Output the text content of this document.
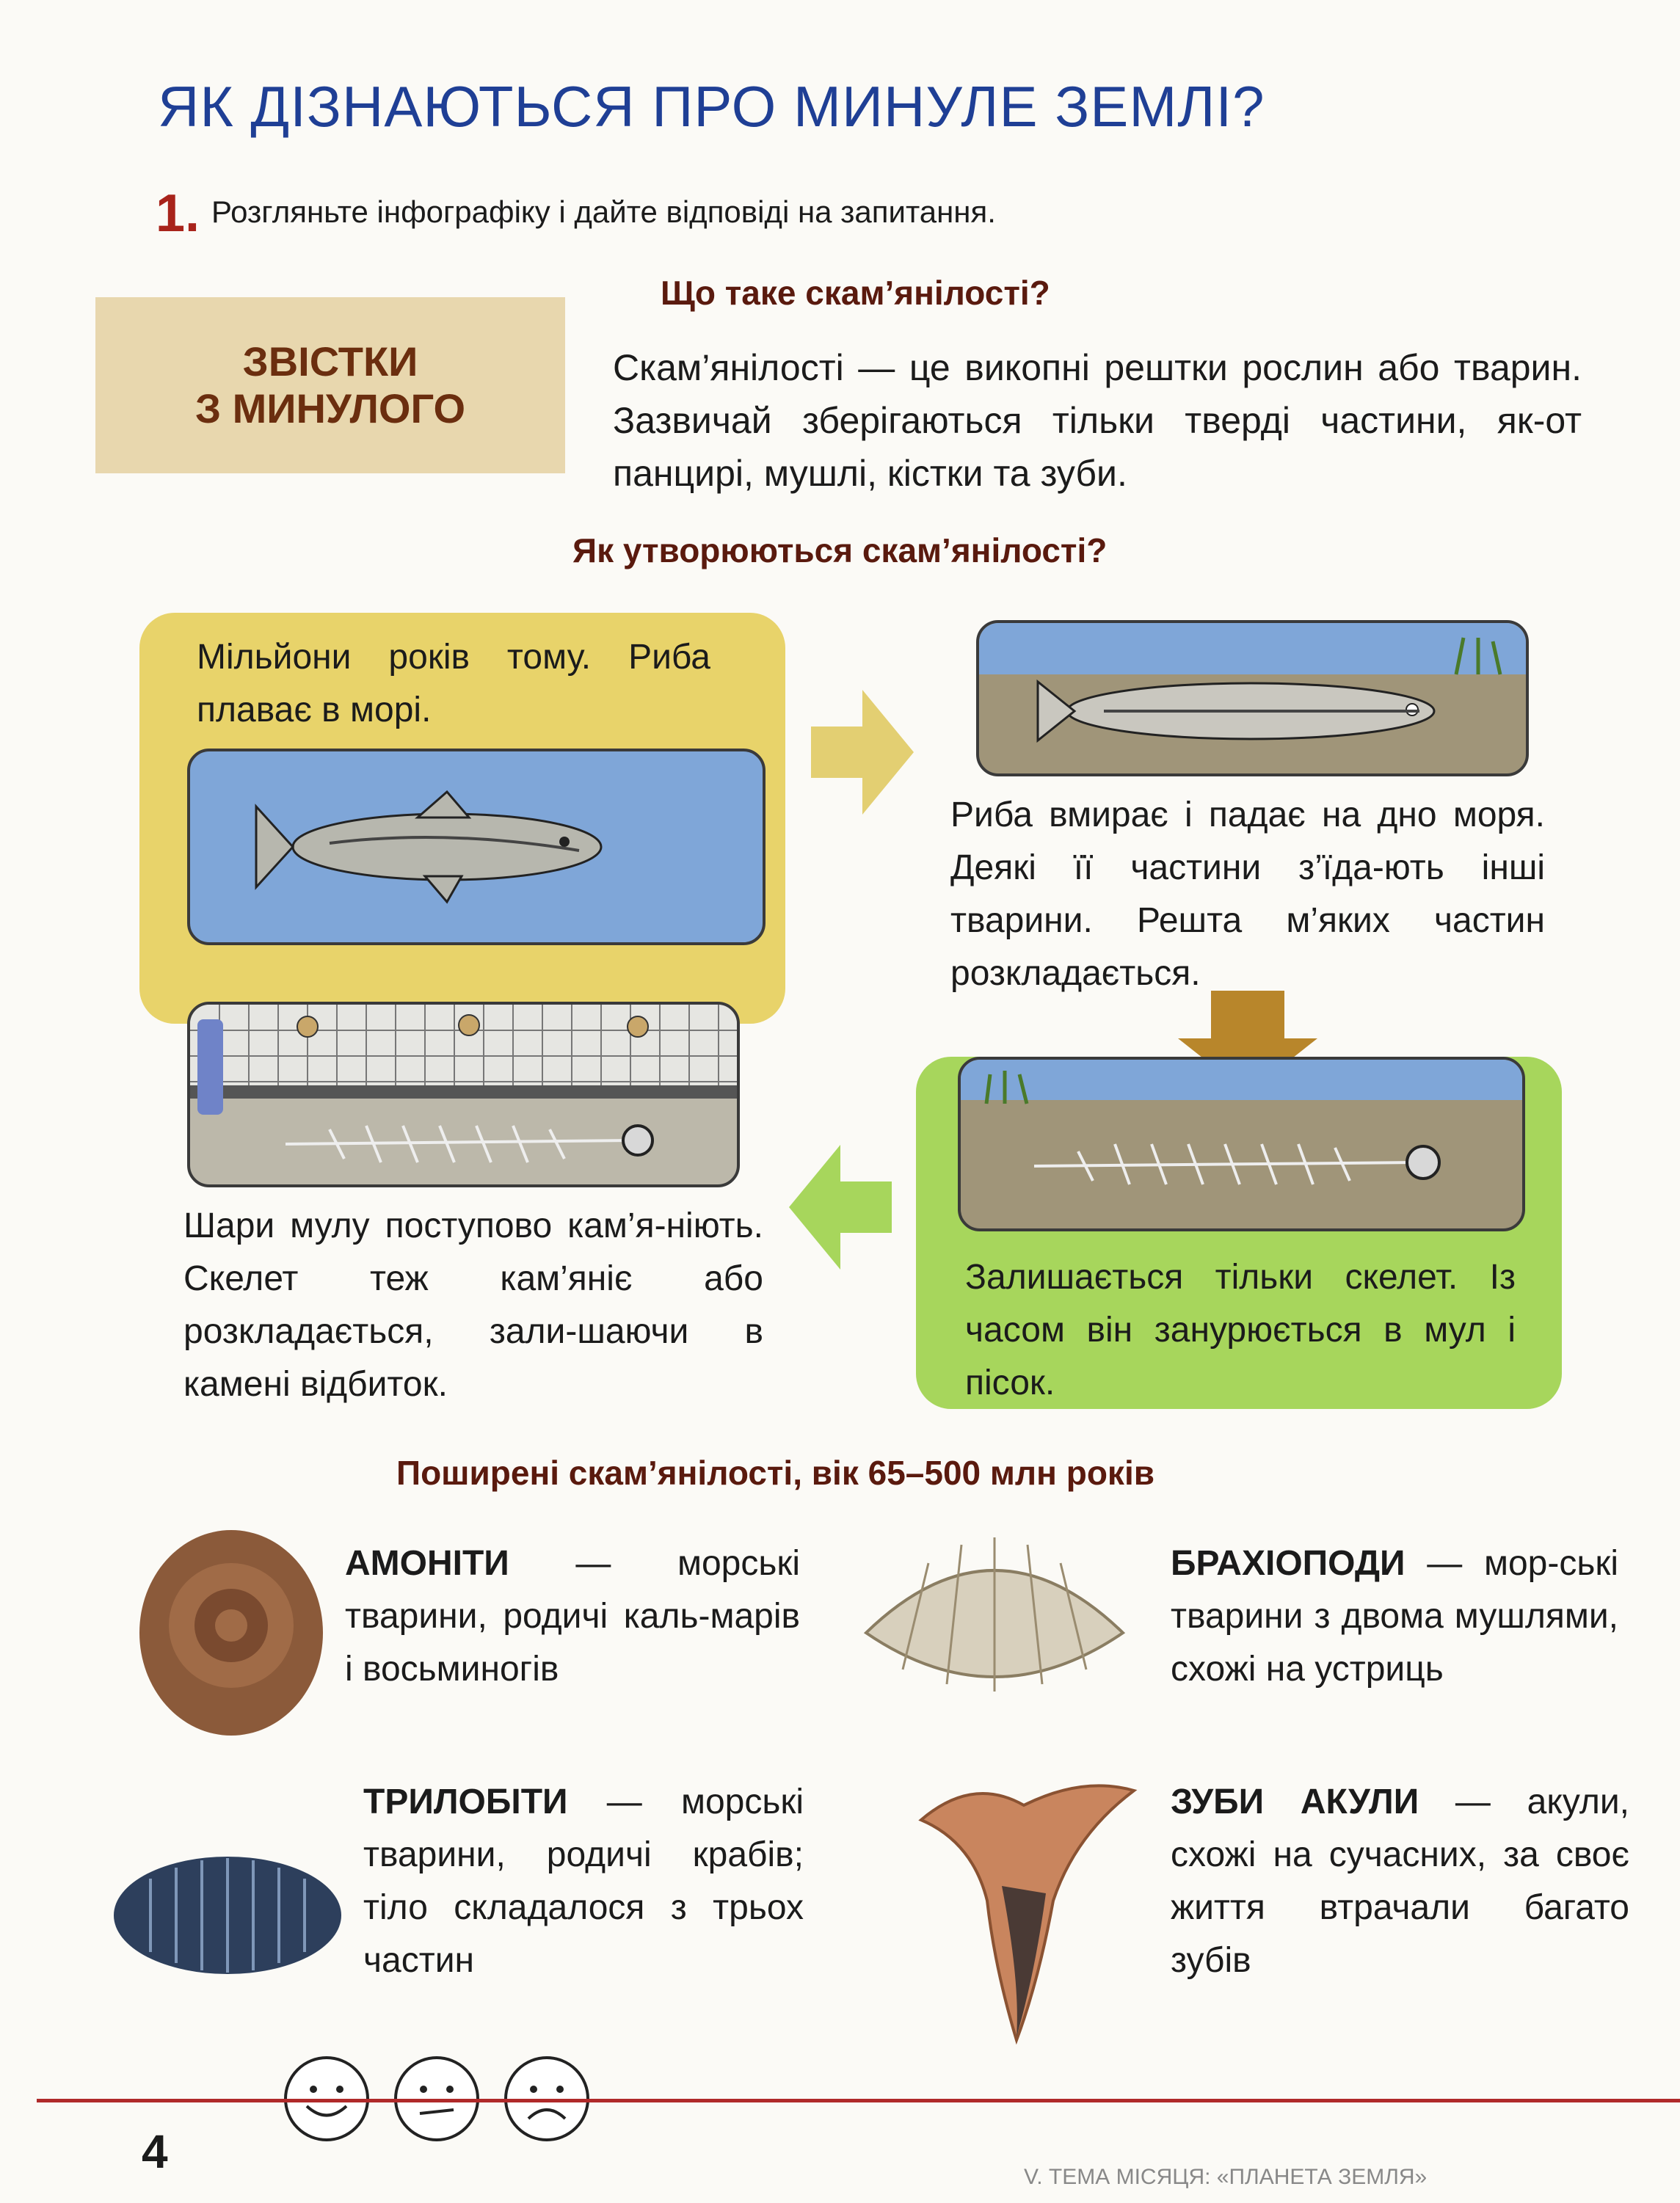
ЯК ДІЗНАЮТЬСЯ ПРО МИНУЛЕ ЗЕМЛІ?
1. Розгляньте інфографіку і дайте відповіді на запитання.
ЗВІСТКИ
З МИНУЛОГО
Що таке скам’янілості?
Скам’янілості — це викопні рештки рослин або тварин. Зазвичай зберігаються тільки тверді частини, як-от панцирі, мушлі, кістки та зуби.
Як утворюються скам’янілості?
Мільйони років тому. Риба плаває в морі.
Риба вмирає і падає на дно моря. Деякі її частини з’їда-ють інші тварини. Решта м’яких частин розкладається.
Залишається тільки скелет. Із часом він занурюється в мул і пісок.
Шари мулу поступово кам’я-ніють. Скелет теж кам’яніє або розкладається, зали-шаючи в камені відбиток.
Поширені скам’янілості, вік 65–500 млн років
АМОНІТИ — морські тварини, родичі каль-марів і восьминогів
БРАХІОПОДИ — мор-ські тварини з двома мушлями, схожі на устриць
ТРИЛОБІТИ — морські тварини, родичі крабів; тіло складалося з трьох частин
ЗУБИ АКУЛИ — акули, схожі на сучасних, за своє життя втрачали багато зубів
4	V. ТЕМА МІСЯЦЯ: «ПЛАНЕТА ЗЕМЛЯ»
